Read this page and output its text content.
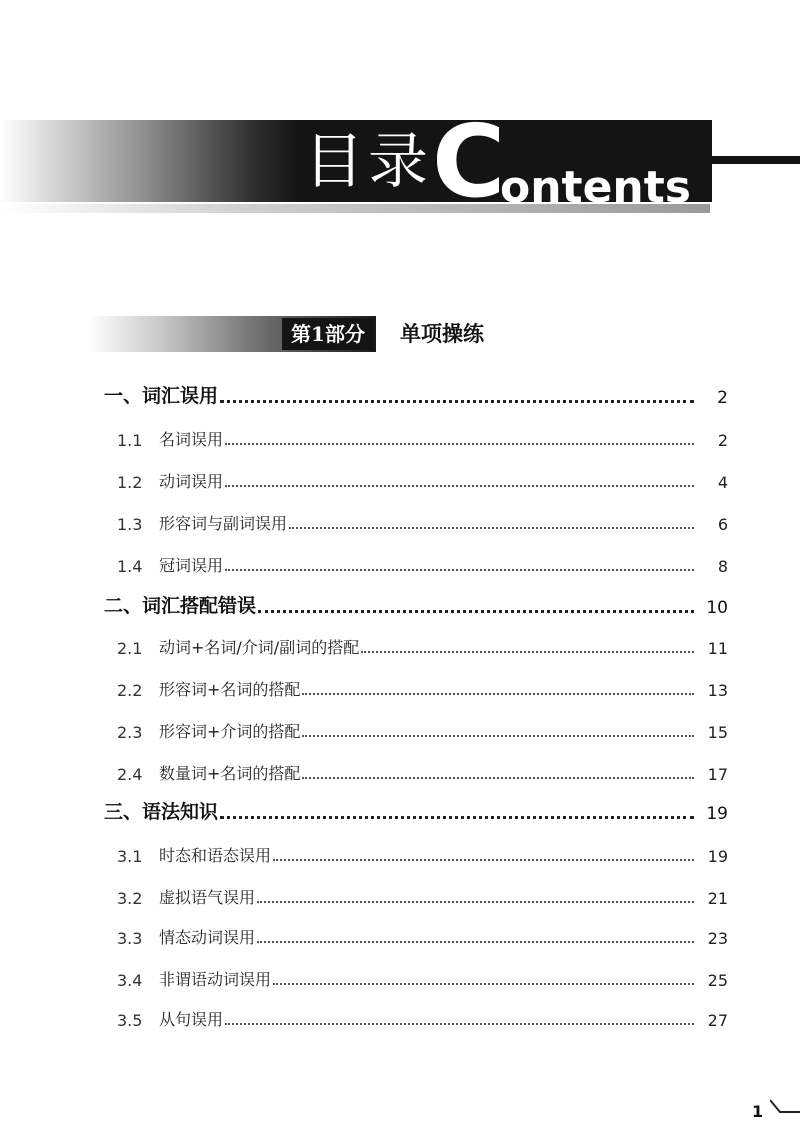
目录 C
ontents
第1部分	单项操练
一、词汇误用	2
1.1	名词误用	2
1.2	动词误用	4
1.3	形容词与副词误用	6
1.4	冠词误用	8
二、词汇搭配错误	10
2.1	动词+名词/介词/副词的搭配	11
2.2	形容词+名词的搭配	13
2.3	形容词+介词的搭配	15
2.4	数量词+名词的搭配	17
三、语法知识	19
3.1	时态和语态误用	19
3.2	虚拟语气误用	21
3.3	情态动词误用	23
3.4	非谓语动词误用	25
3.5	从句误用	27
1
